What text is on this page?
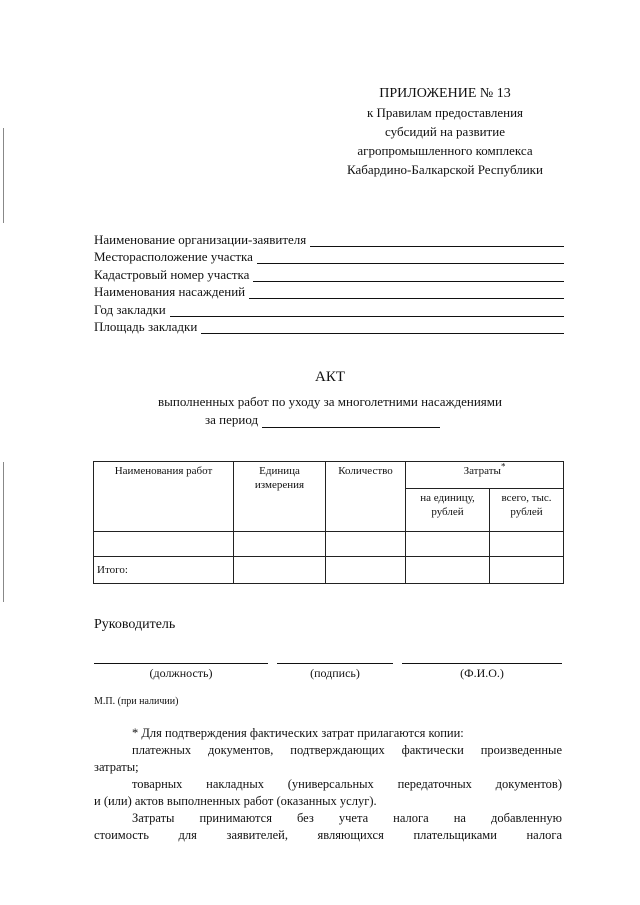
ПРИЛОЖЕНИЕ № 13
к Правилам предоставления
субсидий на развитие
агропромышленного комплекса
Кабардино-Балкарской Республики
Наименование организации-заявителя
Месторасположение участка
Кадастровый номер участка
Наименования насаждений
Год закладки
Площадь закладки
АКТ
выполненных работ по уходу за многолетними насаждениями
за период
Наименования работ	Единица измерения	Количество	Затраты*
			на единицу, рублей	всего, тыс. рублей

Итого:				
Руководитель
(должность)	(подпись)	(Ф.И.О.)
М.П. (при наличии)
* Для подтверждения фактических затрат прилагаются копии:
платежных документов, подтверждающих фактически произведенные
затраты;
товарных накладных (универсальных передаточных документов)
и (или) актов выполненных работ (оказанных услуг).
Затраты принимаются без учета налога на добавленную
стоимость для заявителей, являющихся плательщиками налога
